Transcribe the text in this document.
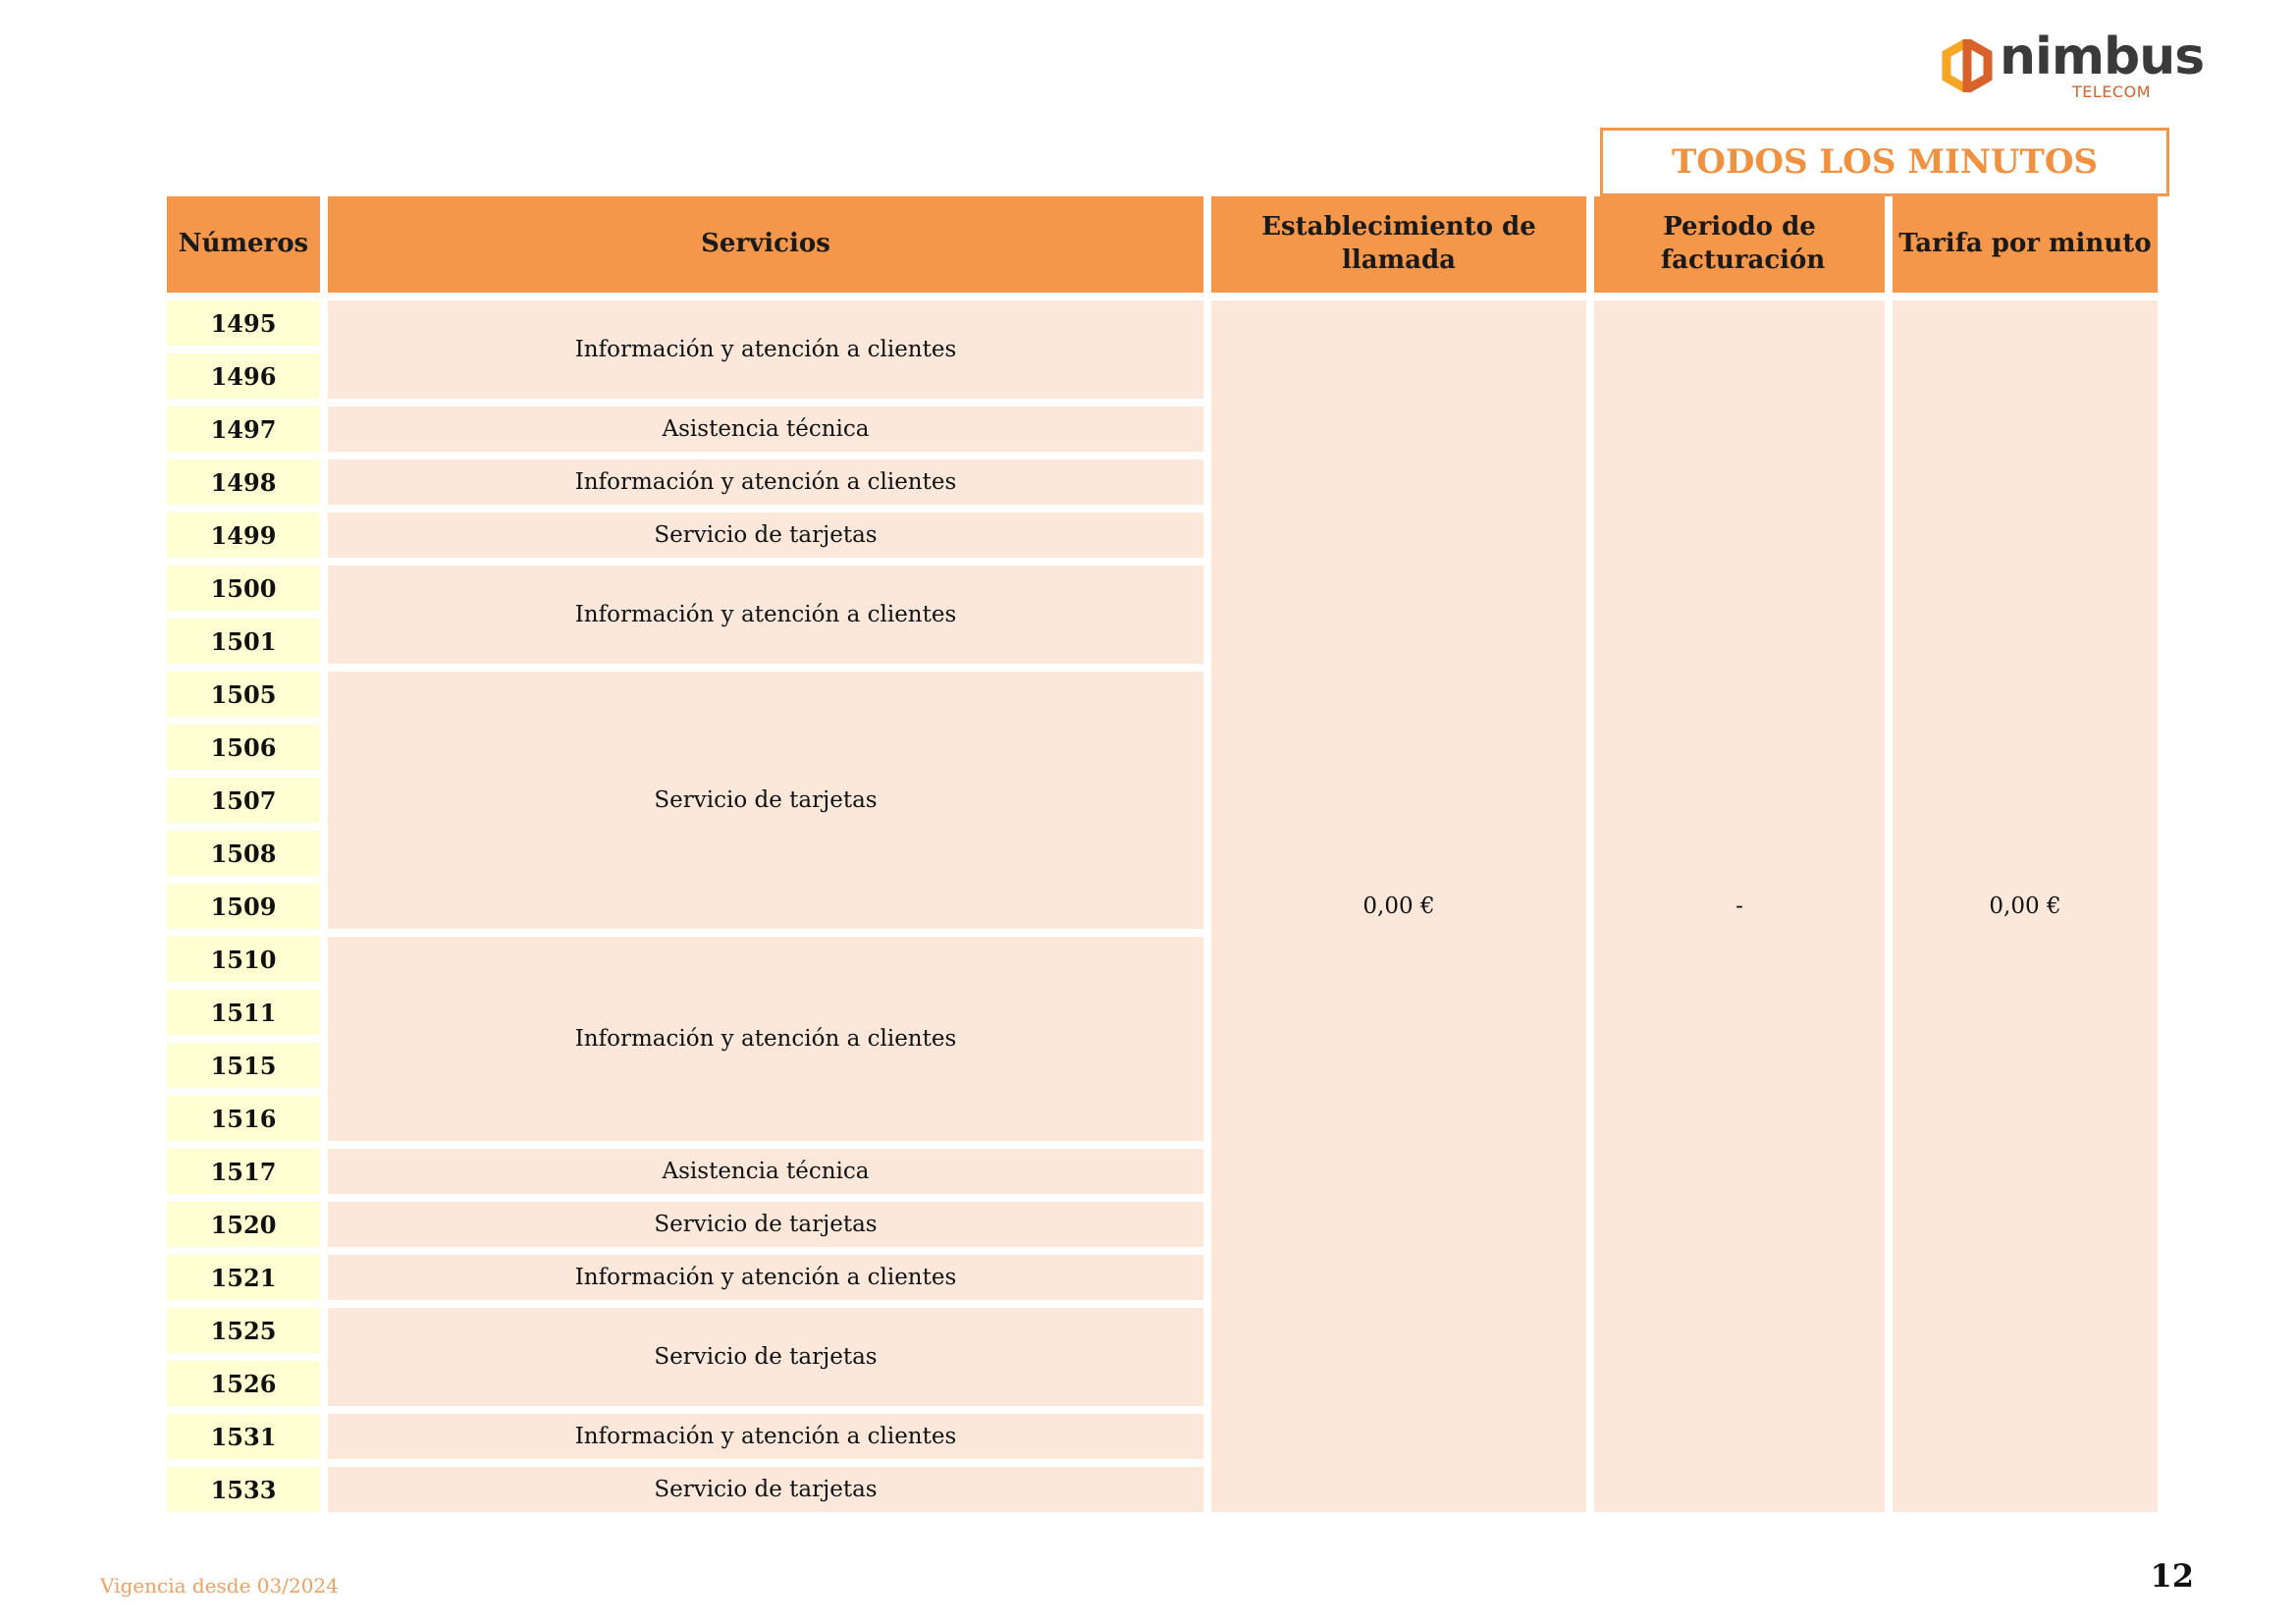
nimbus
TELECOM
TODOS LOS MINUTOS
Números	Servicios	Establecimiento de llamada	Periodo de facturación	Tarifa por minuto
1495	Información y atención a clientes	0,00 €	-	0,00 €
1496				
1497	Asistencia técnica			
1498	Información y atención a clientes			
1499	Servicio de tarjetas			
1500	Información y atención a clientes			
1501				
1505	Servicio de tarjetas			
1506				
1507				
1508				
1509				
1510	Información y atención a clientes			
1511				
1515				
1516				
1517	Asistencia técnica			
1520	Servicio de tarjetas			
1521	Información y atención a clientes			
1525	Servicio de tarjetas			
1526				
1531	Información y atención a clientes			
1533	Servicio de tarjetas			
Vigencia desde 03/2024	12
